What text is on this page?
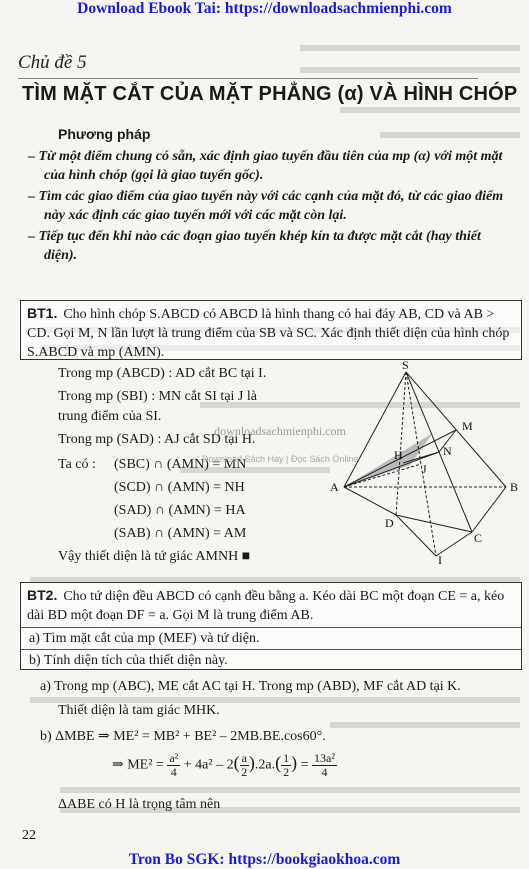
Download Ebook Tai: https://downloadsachmienphi.com
Chủ đề 5
TÌM MẶT CẮT CỦA MẶT PHẲNG (α) VÀ HÌNH CHÓP
Phương pháp
– Từ một điểm chung có sẵn, xác định giao tuyến đầu tiên của mp (α) với một mặt của hình chóp (gọi là giao tuyến gốc).
– Tìm các giao điểm của giao tuyến này với các cạnh của mặt đó, từ các giao điểm này xác định các giao tuyến mới với các mặt còn lại.
– Tiếp tục đến khi nào các đoạn giao tuyến khép kín ta được mặt cắt (hay thiết diện).
BT1. Cho hình chóp S.ABCD có ABCD là hình thang có hai đáy AB, CD và AB > CD. Gọi M, N lần lượt là trung điểm của SB và SC. Xác định thiết diện của hình chóp S.ABCD và mp (AMN).
Trong mp (ABCD) : AD cắt BC tại I.
Trong mp (SBI) : MN cắt SI tại J là
trung điểm của SI.
Trong mp (SAD) : AJ cắt SD tại H.
Ta có : (SBC) ∩ (AMN) = MN
(SCD) ∩ (AMN) = NH
(SAD) ∩ (AMN) = HA
(SAB) ∩ (AMN) = AM
Vậy thiết diện là tứ giác AMNH ■
downloadsachmienphi.com
Download Sách Hay | Đọc Sách Online
S
A	B
C
D
I
M
N
H
J
BT2. Cho tứ diện đều ABCD có cạnh đều bằng a. Kéo dài BC một đoạn CE = a, kéo dài BD một đoạn DF = a. Gọi M là trung điểm AB.
a) Tìm mặt cắt của mp (MEF) và tứ diện.
b) Tính diện tích của thiết diện này.
a) Trong mp (ABC), ME cắt AC tại H. Trong mp (ABD), MF cắt AD tại K.
Thiết diện là tam giác MHK.
b) ΔMBE ⇒ ME² = MB² + BE² – 2MB.BE.cos60°.
⇒ $ME^2 = \frac{\text{a²}}{4} + 4a^2 - 2( \frac{a}{2} ).2a.( \frac{1}{2}$ ) = $\frac{\text{13a²}}{4}$
ΔABE có H là trọng tâm nên
22
Tron Bo SGK: https://bookgiaokhoa.com
